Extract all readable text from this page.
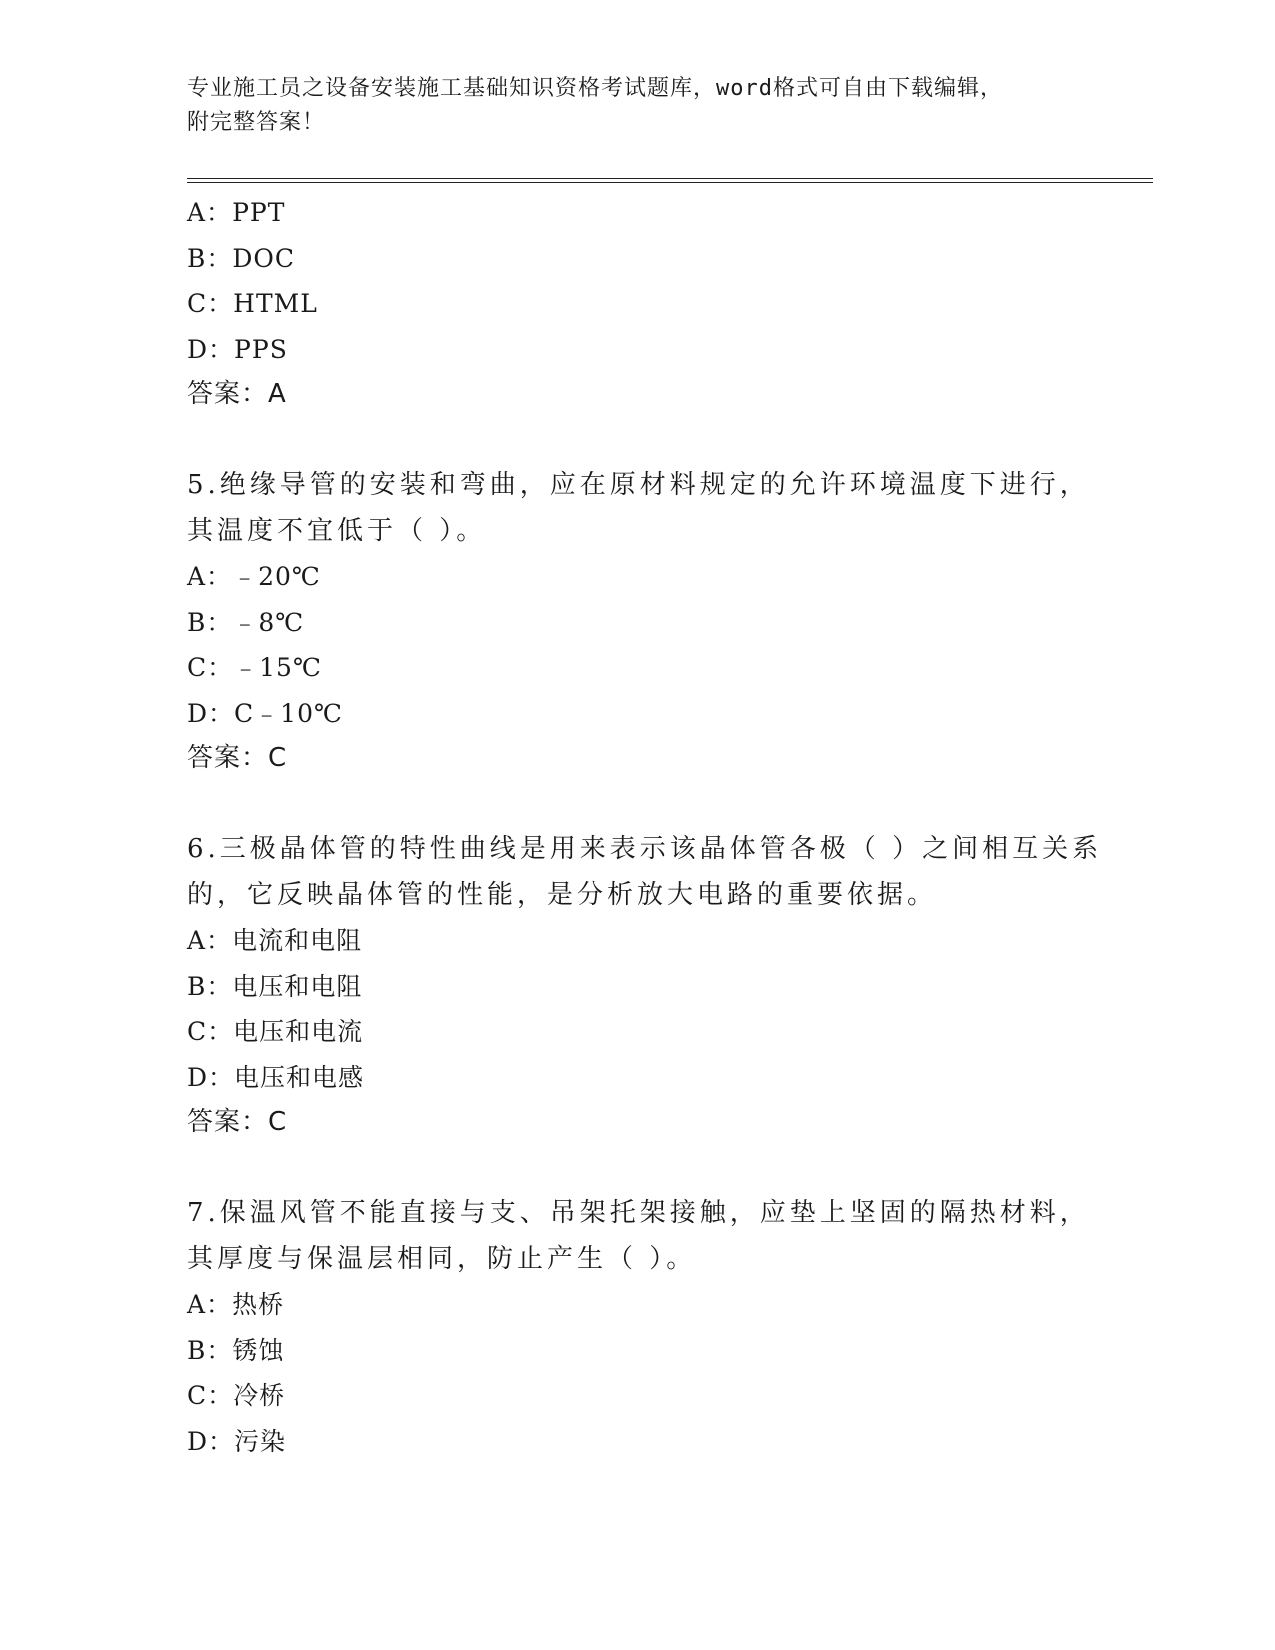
专业施工员之设备安装施工基础知识资格考试题库，word格式可自由下载编辑，
附完整答案！
A：PPT
B：DOC
C：HTML
D：PPS
答案：A
5.绝缘导管的安装和弯曲，应在原材料规定的允许环境温度下进行，
其温度不宜低于（ ）。
A：﹣20℃
B：﹣8℃
C：﹣15℃
D：C﹣10℃
答案：C
6.三极晶体管的特性曲线是用来表示该晶体管各极（ ）之间相互关系
的，它反映晶体管的性能，是分析放大电路的重要依据。
A：电流和电阻
B：电压和电阻
C：电压和电流
D：电压和电感
答案：C
7.保温风管不能直接与支、吊架托架接触，应垫上坚固的隔热材料，
其厚度与保温层相同，防止产生（ ）。
A：热桥
B：锈蚀
C：冷桥
D：污染
